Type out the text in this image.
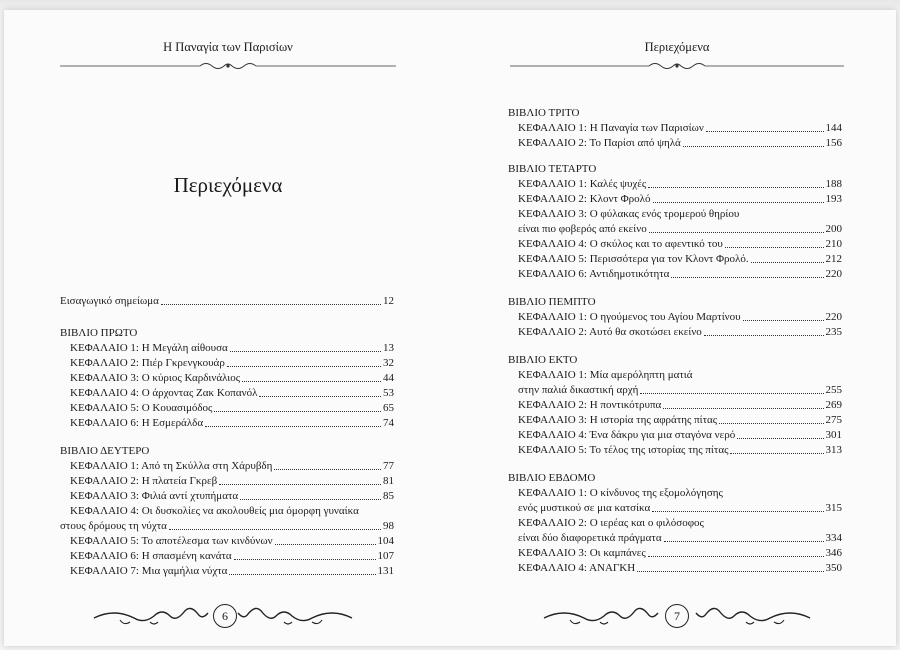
Η Παναγία των Παρισίων
Περιεχόμενα
Εισαγωγικό σημείωμα	12
ΒΙΒΛΙΟ ΠΡΩΤΟ
ΚΕΦΑΛΑΙΟ 1: Η Μεγάλη αίθουσα	13
ΚΕΦΑΛΑΙΟ 2: Πιέρ Γκρενγκουάρ	32
ΚΕΦΑΛΑΙΟ 3: Ο κύριος Καρδινάλιος	44
ΚΕΦΑΛΑΙΟ 4: Ο άρχοντας Ζακ Κοπανόλ	53
ΚΕΦΑΛΑΙΟ 5: Ο Κουασιμόδος	65
ΚΕΦΑΛΑΙΟ 6: Η Εσμεράλδα	74
ΒΙΒΛΙΟ ΔΕΥΤΕΡΟ
ΚΕΦΑΛΑΙΟ 1: Από τη Σκύλλα στη Χάρυβδη	77
ΚΕΦΑΛΑΙΟ 2: Η πλατεία Γκρεβ	81
ΚΕΦΑΛΑΙΟ 3: Φιλιά αντί χτυπήματα	85
ΚΕΦΑΛΑΙΟ 4: Οι δυσκολίες να ακολουθείς μια όμορφη γυναίκα
στους δρόμους τη νύχτα	98
ΚΕΦΑΛΑΙΟ 5: Το αποτέλεσμα των κινδύνων	104
ΚΕΦΑΛΑΙΟ 6: Η σπασμένη κανάτα	107
ΚΕΦΑΛΑΙΟ 7: Μια γαμήλια νύχτα	131
6
Περιεχόμενα
ΒΙΒΛΙΟ ΤΡΙΤΟ
ΚΕΦΑΛΑΙΟ 1: Η Παναγία των Παρισίων	144
ΚΕΦΑΛΑΙΟ 2: Το Παρίσι από ψηλά	156
ΒΙΒΛΙΟ ΤΕΤΑΡΤΟ
ΚΕΦΑΛΑΙΟ 1: Καλές ψυχές	188
ΚΕΦΑΛΑΙΟ 2: Κλοντ Φρολό	193
ΚΕΦΑΛΑΙΟ 3: Ο φύλακας ενός τρομερού θηρίου
είναι πιο φοβερός από εκείνο	200
ΚΕΦΑΛΑΙΟ 4: Ο σκύλος και το αφεντικό του	210
ΚΕΦΑΛΑΙΟ 5: Περισσότερα για τον Κλοντ Φρολό.	212
ΚΕΦΑΛΑΙΟ 6: Αντιδημοτικότητα	220
ΒΙΒΛΙΟ ΠΕΜΠΤΟ
ΚΕΦΑΛΑΙΟ 1: Ο ηγούμενος του Αγίου Μαρτίνου	220
ΚΕΦΑΛΑΙΟ 2: Αυτό θα σκοτώσει εκείνο	235
ΒΙΒΛΙΟ ΕΚΤΟ
ΚΕΦΑΛΑΙΟ 1: Μία αμερόληπτη ματιά
στην παλιά δικαστική αρχή	255
ΚΕΦΑΛΑΙΟ 2: Η ποντικότρυπα	269
ΚΕΦΑΛΑΙΟ 3: Η ιστορία της αφράτης πίτας	275
ΚΕΦΑΛΑΙΟ 4: Ένα δάκρυ για μια σταγόνα νερό	301
ΚΕΦΑΛΑΙΟ 5: Το τέλος της ιστορίας της πίτας	313
ΒΙΒΛΙΟ ΕΒΔΟΜΟ
ΚΕΦΑΛΑΙΟ 1: Ο κίνδυνος της εξομολόγησης
ενός μυστικού σε μια κατσίκα	315
ΚΕΦΑΛΑΙΟ 2: Ο ιερέας και ο φιλόσοφος
είναι δύο διαφορετικά πράγματα	334
ΚΕΦΑΛΑΙΟ 3: Οι καμπάνες	346
ΚΕΦΑΛΑΙΟ 4: ΑΝΑΓΚΗ	350
7
